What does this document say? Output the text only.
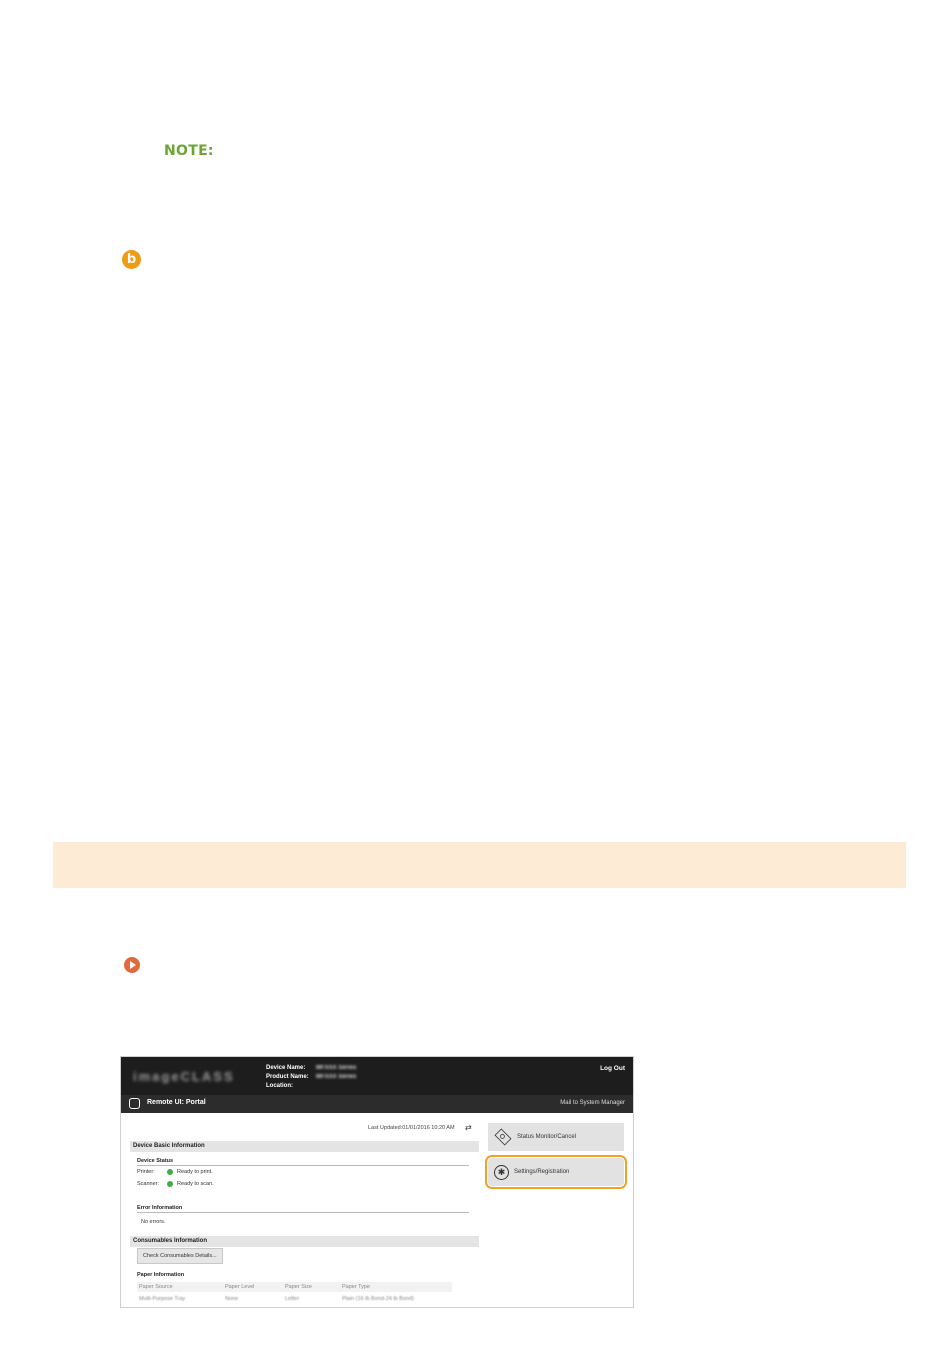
NOTE:
b
imageCLASS
Device Name:	MFXXX Series
Product Name:	MFXXX Series
Location:
Log Out
Remote UI: Portal	Mail to System Manager
Last Updated:01/01/2016 10:20 AM ⇄
Device Basic Information
Device Status
Printer:	Ready to print.
Scanner:	Ready to scan.
Error Information
No errors.
Consumables Information
Check Consumables Details...
Paper Information
Paper Source	Paper Level	Paper Size	Paper Type
Multi-Purpose Tray	None	Letter	Plain (16 lb Bond-24 lb Bond)
Status Monitor/Cancel
✱	Settings/Registration
